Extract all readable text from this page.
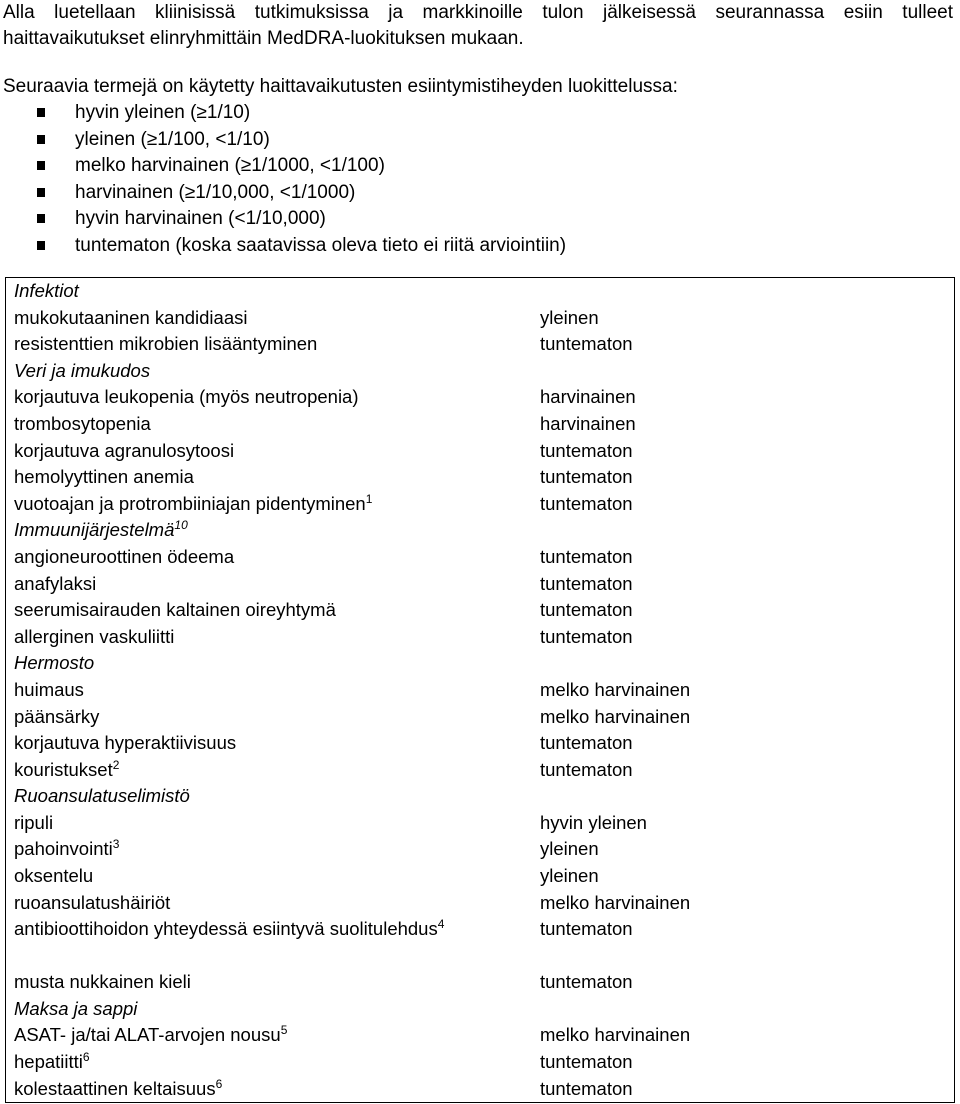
Alla luetellaan kliinisissä tutkimuksissa ja markkinoille tulon jälkeisessä seurannassa esiin tulleet haittavaikutukset elinryhmittäin MedDRA-luokituksen mukaan.
Seuraavia termejä on käytetty haittavaikutusten esiintymistiheyden luokittelussa:
hyvin yleinen (≥1/10)
yleinen (≥1/100, <1/10)
melko harvinainen (≥1/1000, <1/100)
harvinainen (≥1/10,000, <1/1000)
hyvin harvinainen (<1/10,000)
tuntematon (koska saatavissa oleva tieto ei riitä arviointiin)
Infektiot	
mukokutaaninen kandidiaasi	yleinen
resistenttien mikrobien lisääntyminen	tuntematon
Veri ja imukudos	
korjautuva leukopenia (myös neutropenia)	harvinainen
trombosytopenia	harvinainen
korjautuva agranulosytoosi	tuntematon
hemolyyttinen anemia	tuntematon
vuotoajan ja protrombiiniajan pidentyminen$^1$	tuntematon
Immuunijärjestelmä$^{10}$	
angioneuroottinen ödeema	tuntematon
anafylaksi	tuntematon
seerumisairauden kaltainen oireyhtymä	tuntematon
allerginen vaskuliitti	tuntematon
Hermosto	
huimaus	melko harvinainen
päänsärky	melko harvinainen
korjautuva hyperaktiivisuus	tuntematon
kouristukset$^2$	tuntematon
Ruoansulatuselimistö	
ripuli	hyvin yleinen
pahoinvointi$^3$	yleinen
oksentelu	yleinen
ruoansulatushäiriöt	melko harvinainen
antibioottihoidon yhteydessä esiintyvä suolitulehdus$^4$	tuntematon
musta nukkainen kieli	tuntematon
Maksa ja sappi	
ASAT- ja/tai ALAT-arvojen nousu$^5$	melko harvinainen
hepatiitti$^6$	tuntematon
kolestaattinen keltaisuus$^6$	tuntematon
